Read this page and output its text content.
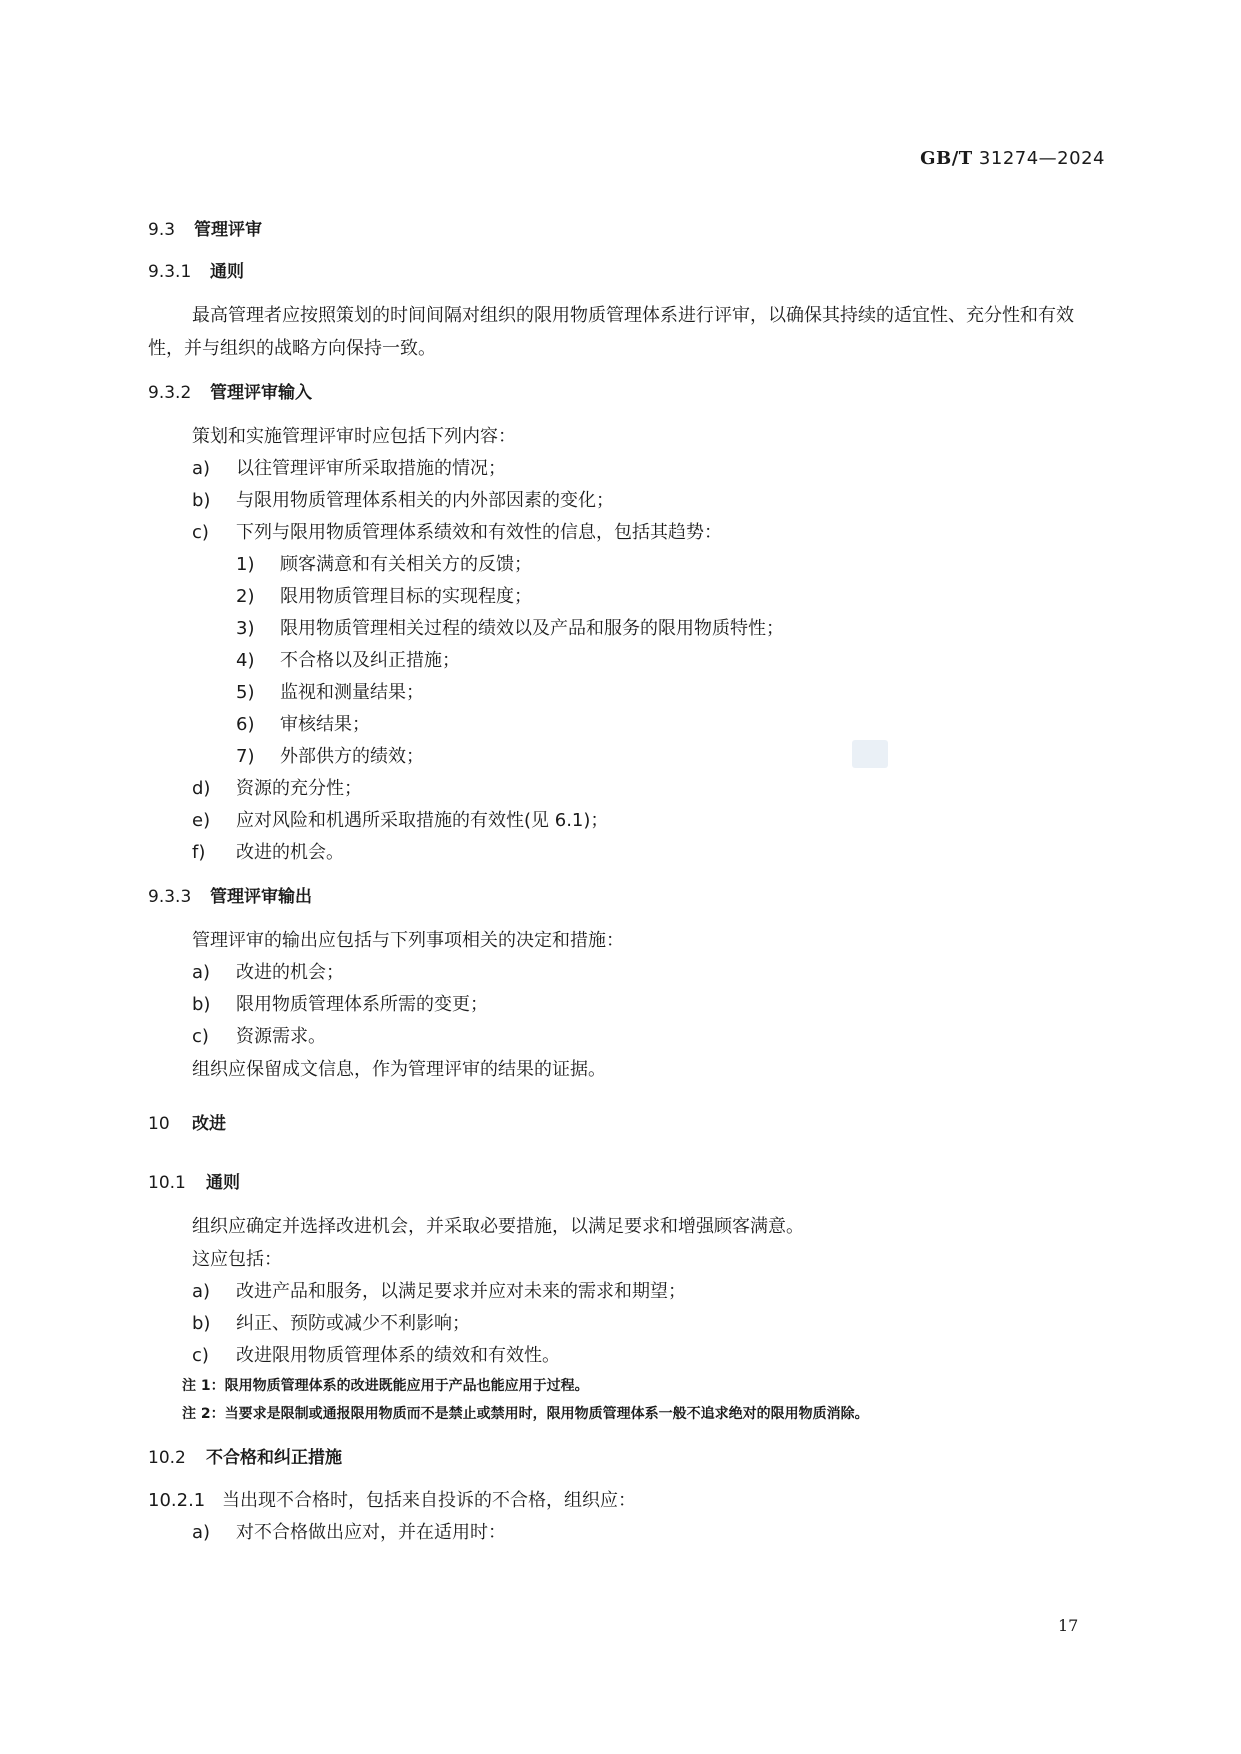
GB/T 31274—2024
9.3 管理评审
9.3.1 通则

最高管理者应按照策划的时间间隔对组织的限用物质管理体系进行评审，以确保其持续的适宜性、充分性和有效性，并与组织的战略方向保持一致。

9.3.2 管理评审输入

策划和实施管理评审时应包括下列内容：

a)	以往管理评审所采取措施的情况；
b)	与限用物质管理体系相关的内外部因素的变化；
c)	下列与限用物质管理体系绩效和有效性的信息，包括其趋势：
1)	顾客满意和有关相关方的反馈；
2)	限用物质管理目标的实现程度；
3)	限用物质管理相关过程的绩效以及产品和服务的限用物质特性；
4)	不合格以及纠正措施；
5)	监视和测量结果；
6)	审核结果；
7)	外部供方的绩效；
d)	资源的充分性；
e)	应对风险和机遇所采取措施的有效性(见 6.1)；
f)	改进的机会。
9.3.3 管理评审输出

管理评审的输出应包括与下列事项相关的决定和措施：

a)	改进的机会；
b)	限用物质管理体系所需的变更；
c)	资源需求。

组织应保留成文信息，作为管理评审的结果的证据。

10 改进
10.1 通则

组织应确定并选择改进机会，并采取必要措施，以满足要求和增强顾客满意。

这应包括：

a)	改进产品和服务，以满足要求并应对未来的需求和期望；
b)	纠正、预防或减少不利影响；
c)	改进限用物质管理体系的绩效和有效性。
注 1：限用物质管理体系的改进既能应用于产品也能应用于过程。
注 2：当要求是限制或通报限用物质而不是禁止或禁用时，限用物质管理体系一般不追求绝对的限用物质消除。
10.2 不合格和纠正措施
10.2.1 当出现不合格时，包括来自投诉的不合格，组织应：
a)	对不合格做出应对，并在适用时：
17
